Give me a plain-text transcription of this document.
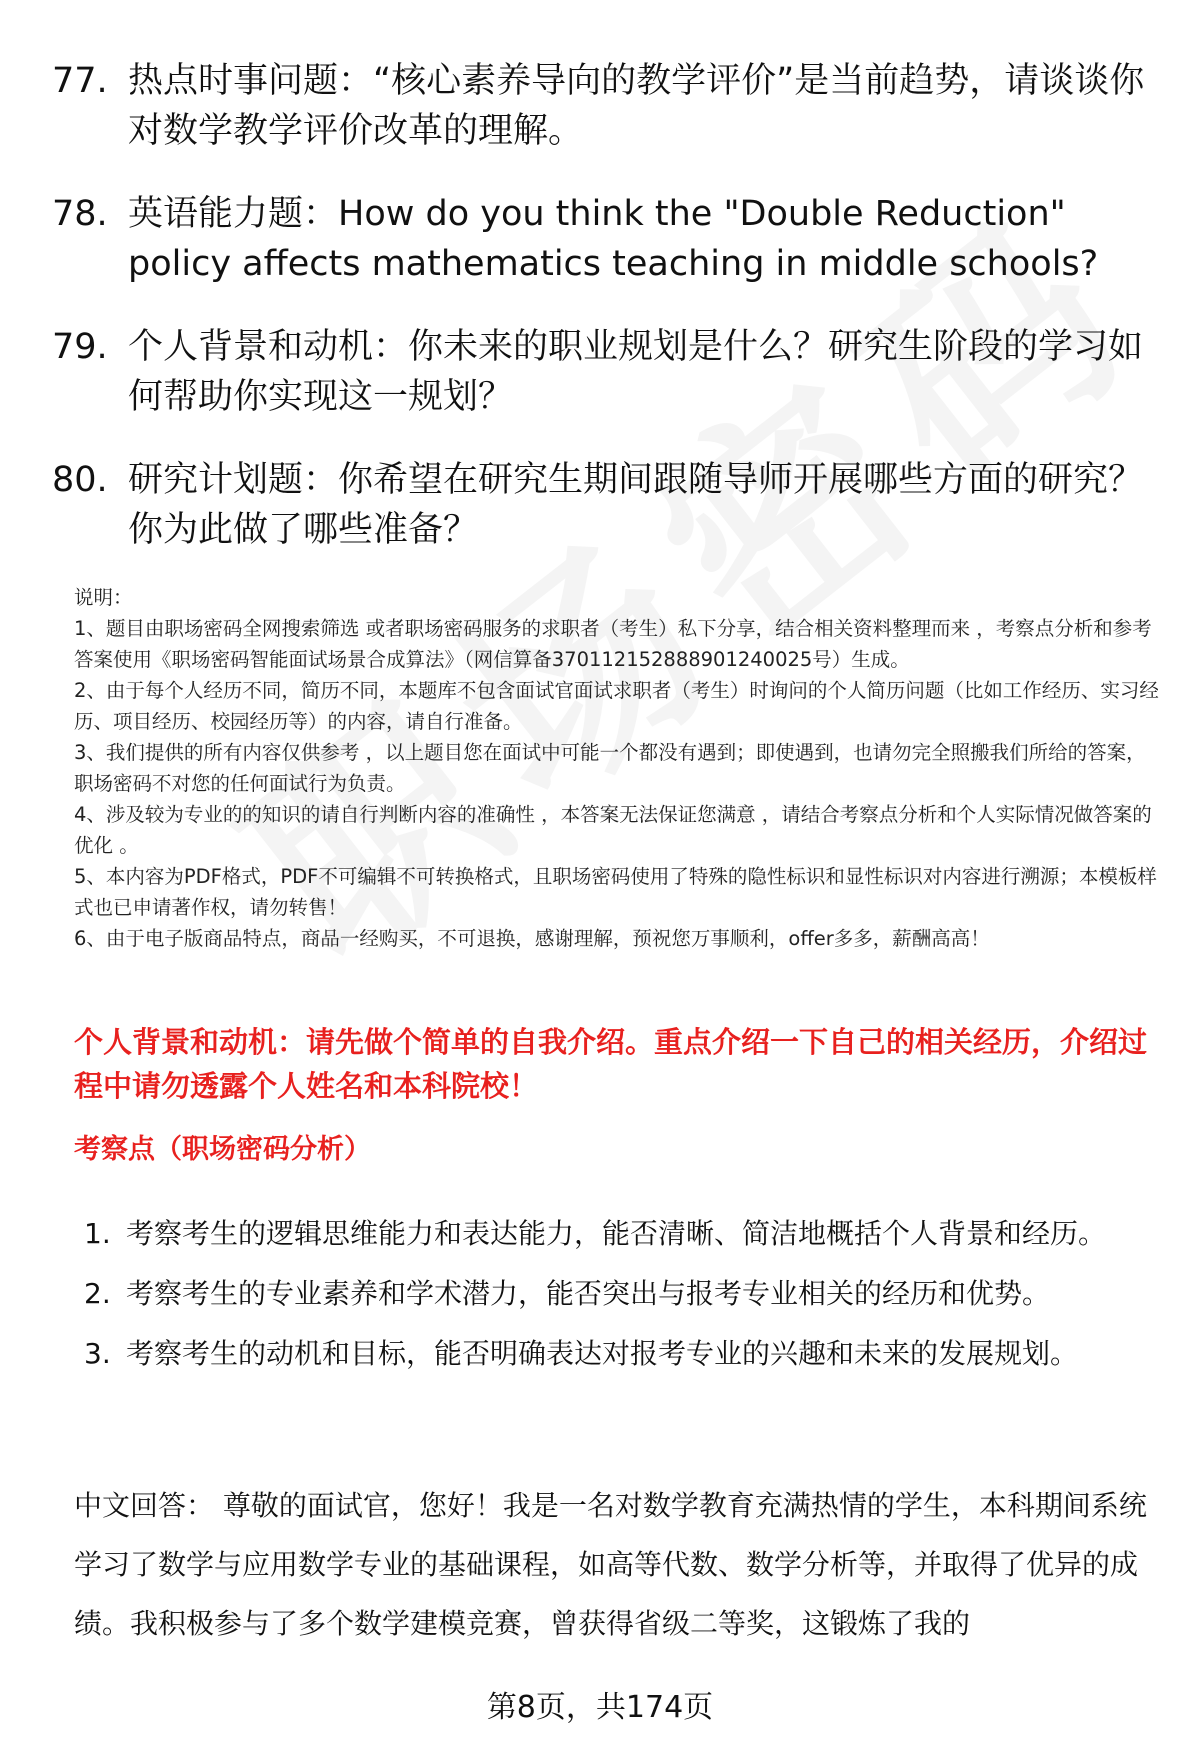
77. 热点时事问题：“核心素养导向的教学评价”是当前趋势，请谈谈你对数学教学评价改革的理解。
78. 英语能力题：How do you think the "Double Reduction" policy affects mathematics teaching in middle schools?
79. 个人背景和动机：你未来的职业规划是什么？研究生阶段的学习如何帮助你实现这一规划？
80. 研究计划题：你希望在研究生期间跟随导师开展哪些方面的研究？你为此做了哪些准备？
说明：
1、题目由职场密码全网搜索筛选 或者职场密码服务的求职者（考生）私下分享，结合相关资料整理而来 ，考察点分析和参考答案使用《职场密码智能面试场景合成算法》（网信算备370112152888901240025号）生成。
2、由于每个人经历不同，简历不同，本题库不包含面试官面试求职者（考生）时询问的个人简历问题（比如工作经历、实习经历、项目经历、校园经历等）的内容，请自行准备。
3、我们提供的所有内容仅供参考 ，以上题目您在面试中可能一个都没有遇到；即使遇到，也请勿完全照搬我们所给的答案，职场密码不对您的任何面试行为负责。
4、涉及较为专业的的知识的请自行判断内容的准确性 ，本答案无法保证您满意 ，请结合考察点分析和个人实际情况做答案的优化 。
5、本内容为PDF格式，PDF不可编辑不可转换格式，且职场密码使用了特殊的隐性标识和显性标识对内容进行溯源；本模板样式也已申请著作权，请勿转售！
6、由于电子版商品特点，商品一经购买，不可退换，感谢理解，预祝您万事顺利，offer多多，薪酬高高！
个人背景和动机：请先做个简单的自我介绍。重点介绍一下自己的相关经历，介绍过程中请勿透露个人姓名和本科院校！
考察点（职场密码分析）
1. 考察考生的逻辑思维能力和表达能力，能否清晰、简洁地概括个人背景和经历。
2. 考察考生的专业素养和学术潜力，能否突出与报考专业相关的经历和优势。
3. 考察考生的动机和目标，能否明确表达对报考专业的兴趣和未来的发展规划。
中文回答： 尊敬的面试官，您好！我是一名对数学教育充满热情的学生，本科期间系统学习了数学与应用数学专业的基础课程，如高等代数、数学分析等，并取得了优异的成绩。我积极参与了多个数学建模竞赛，曾获得省级二等奖，这锻炼了我的
第8页，共174页
